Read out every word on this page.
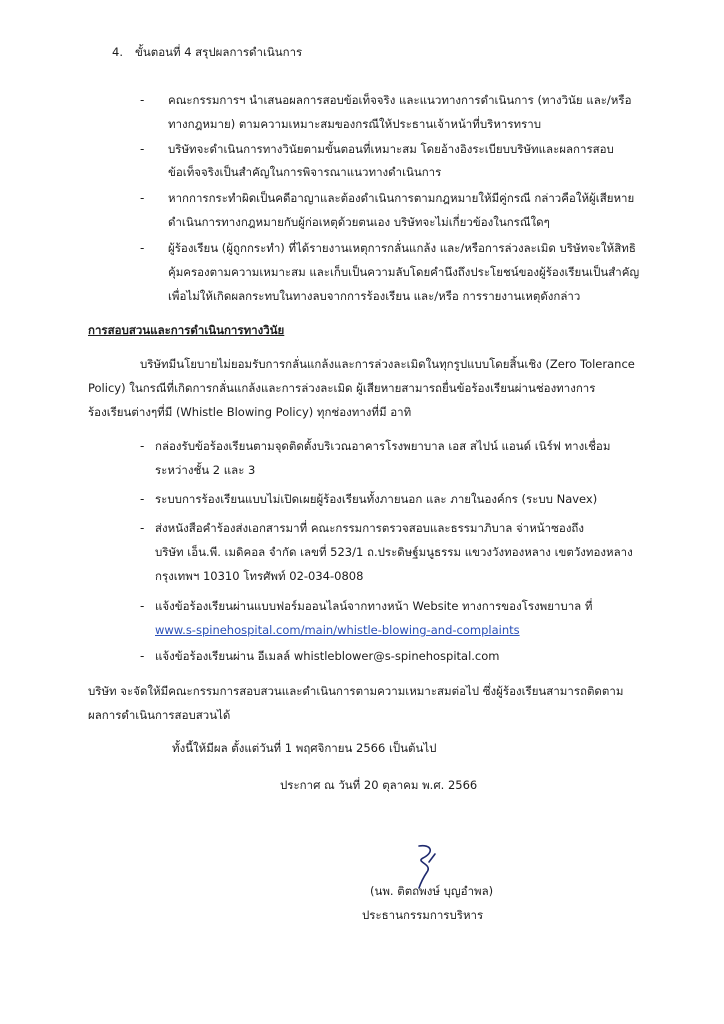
4. ขั้นตอนที่ 4 สรุปผลการดำเนินการ
- คณะกรรมการฯ นำเสนอผลการสอบข้อเท็จจริง และแนวทางการดำเนินการ (ทางวินัย และ/หรือ
ทางกฎหมาย) ตามความเหมาะสมของกรณีให้ประธานเจ้าหน้าที่บริหารทราบ
- บริษัทจะดำเนินการทางวินัยตามขั้นตอนที่เหมาะสม โดยอ้างอิงระเบียบบริษัทและผลการสอบ
ข้อเท็จจริงเป็นสำคัญในการพิจารณาแนวทางดำเนินการ
- หากการกระทำผิดเป็นคดีอาญาและต้องดำเนินการตามกฎหมายให้มีคู่กรณี กล่าวคือให้ผู้เสียหาย
ดำเนินการทางกฎหมายกับผู้ก่อเหตุด้วยตนเอง บริษัทจะไม่เกี่ยวข้องในกรณีใดๆ
- ผู้ร้องเรียน (ผู้ถูกกระทำ) ที่ได้รายงานเหตุการกลั่นแกล้ง และ/หรือการล่วงละเมิด บริษัทจะให้สิทธิ
คุ้มครองตามความเหมาะสม และเก็บเป็นความลับโดยคำนึงถึงประโยชน์ของผู้ร้องเรียนเป็นสำคัญ
เพื่อไม่ให้เกิดผลกระทบในทางลบจากการร้องเรียน และ/หรือ การรายงานเหตุดังกล่าว
การสอบสวนและการดำเนินการทางวินัย
บริษัทมีนโยบายไม่ยอมรับการกลั่นแกล้งและการล่วงละเมิดในทุกรูปแบบโดยสิ้นเชิง (Zero Tolerance
Policy) ในกรณีที่เกิดการกลั่นแกล้งและการล่วงละเมิด ผู้เสียหายสามารถยื่นข้อร้องเรียนผ่านช่องทางการ
ร้องเรียนต่างๆที่มี (Whistle Blowing Policy) ทุกช่องทางที่มี อาทิ
- กล่องรับข้อร้องเรียนตามจุดติดตั้งบริเวณอาคารโรงพยาบาล เอส สไปน์ แอนด์ เนิร์ฟ ทางเชื่อม
ระหว่างชั้น 2 และ 3
- ระบบการร้องเรียนแบบไม่เปิดเผยผู้ร้องเรียนทั้งภายนอก และ ภายในองค์กร (ระบบ Navex)
- ส่งหนังสือคำร้องส่งเอกสารมาที่ คณะกรรมการตรวจสอบและธรรมาภิบาล จ่าหน้าซองถึง
บริษัท เอ็น.พี. เมดิคอล จำกัด เลขที่ 523/1 ถ.ประดิษฐ์มนูธรรม แขวงวังทองหลาง เขตวังทองหลาง
กรุงเทพฯ 10310 โทรศัพท์ 02-034-0808
- แจ้งข้อร้องเรียนผ่านแบบฟอร์มออนไลน์จากทางหน้า Website ทางการของโรงพยาบาล ที่
www.s-spinehospital.com/main/whistle-blowing-and-complaints
- แจ้งข้อร้องเรียนผ่าน อีเมลล์ whistleblower@s-spinehospital.com
บริษัท จะจัดให้มีคณะกรรมการสอบสวนและดำเนินการตามความเหมาะสมต่อไป ซึ่งผู้ร้องเรียนสามารถติดตาม
ผลการดำเนินการสอบสวนได้
ทั้งนี้ให้มีผล ตั้งแต่วันที่ 1 พฤศจิกายน 2566 เป็นต้นไป
ประกาศ ณ วันที่ 20 ตุลาคม พ.ศ. 2566
(นพ. ติตถพงษ์ บุญอำพล)
ประธานกรรมการบริหาร
